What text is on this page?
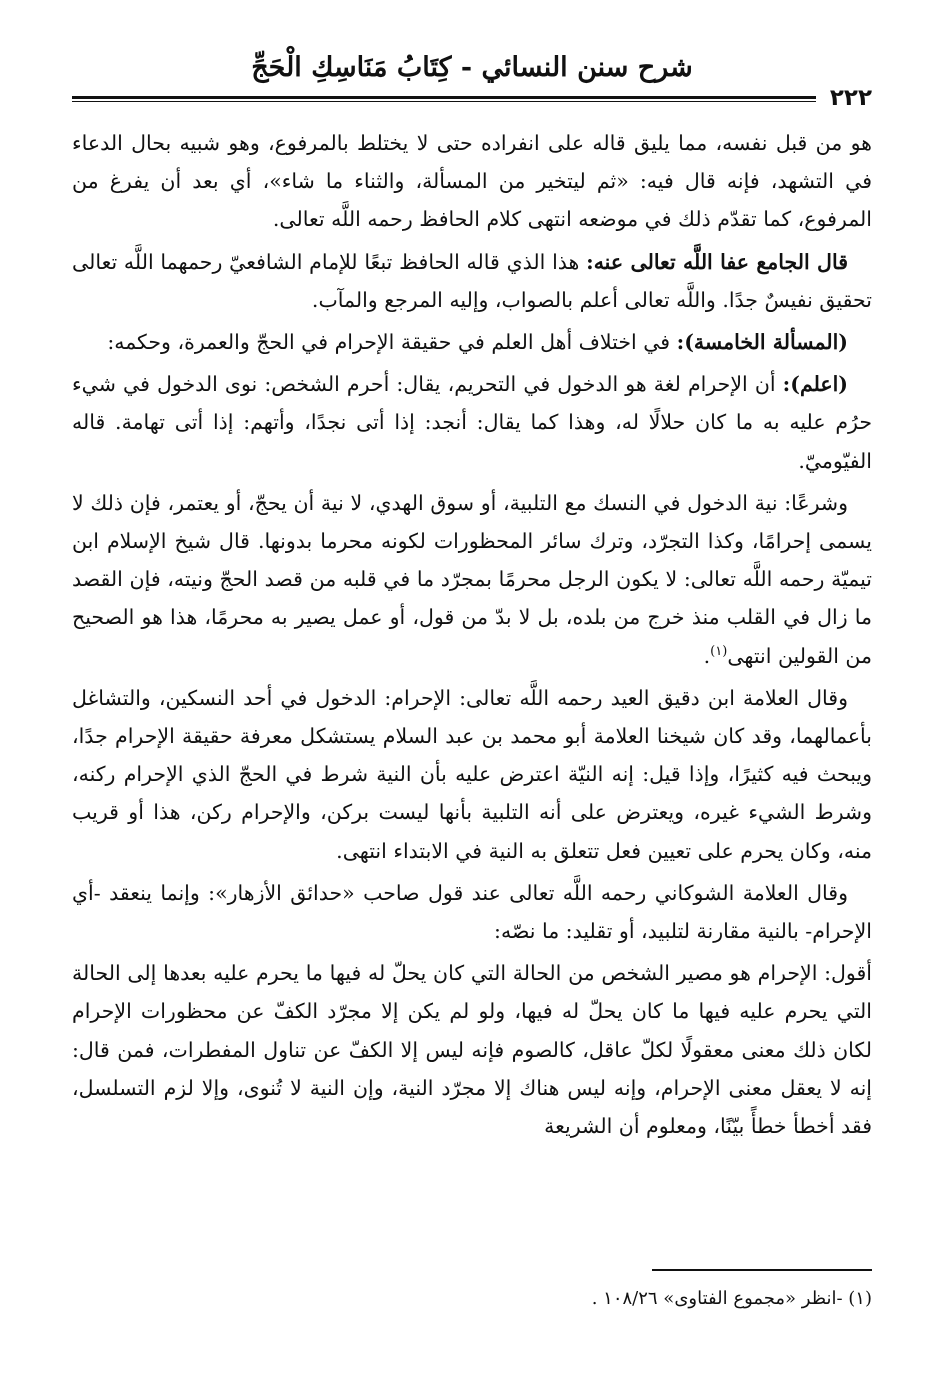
شرح سنن النسائي - كِتَابُ مَنَاسِكِ الْحَجِّ
٢٢٢

هو من قبل نفسه، مما يليق قاله على انفراده حتى لا يختلط بالمرفوع، وهو شبيه بحال الدعاء في التشهد، فإنه قال فيه: «ثم ليتخير من المسألة، والثناء ما شاء»، أي بعد أن يفرغ من المرفوع، كما تقدّم ذلك في موضعه انتهى كلام الحافظ رحمه اللَّه تعالى.

قال الجامع عفا اللَّه تعالى عنه: هذا الذي قاله الحافظ تبعًا للإمام الشافعيّ رحمهما اللَّه تعالى تحقيق نفيسٌ جدًا. واللَّه تعالى أعلم بالصواب، وإليه المرجع والمآب.

(المسألة الخامسة): في اختلاف أهل العلم في حقيقة الإحرام في الحجّ والعمرة، وحكمه:

(اعلم): أن الإحرام لغة هو الدخول في التحريم، يقال: أحرم الشخص: نوى الدخول في شيء حرُم عليه به ما كان حلالًا له، وهذا كما يقال: أنجد: إذا أتى نجدًا، وأتهم: إذا أتى تهامة. قاله الفيّوميّ.

وشرعًا: نية الدخول في النسك مع التلبية، أو سوق الهدي، لا نية أن يحجّ، أو يعتمر، فإن ذلك لا يسمى إحرامًا، وكذا التجرّد، وترك سائر المحظورات لكونه محرما بدونها. قال شيخ الإسلام ابن تيميّة رحمه اللَّه تعالى: لا يكون الرجل محرمًا بمجرّد ما في قلبه من قصد الحجّ ونيته، فإن القصد ما زال في القلب منذ خرج من بلده، بل لا بدّ من قول، أو عمل يصير به محرمًا، هذا هو الصحيح من القولين انتهى$^{(١)}$.

وقال العلامة ابن دقيق العيد رحمه اللَّه تعالى: الإحرام: الدخول في أحد النسكين، والتشاغل بأعمالهما، وقد كان شيخنا العلامة أبو محمد بن عبد السلام يستشكل معرفة حقيقة الإحرام جدًا، ويبحث فيه كثيرًا، وإذا قيل: إنه النيّة اعترض عليه بأن النية شرط في الحجّ الذي الإحرام ركنه، وشرط الشيء غيره، ويعترض على أنه التلبية بأنها ليست بركن، والإحرام ركن، هذا أو قريب منه، وكان يحرم على تعيين فعل تتعلق به النية في الابتداء انتهى.

وقال العلامة الشوكاني رحمه اللَّه تعالى عند قول صاحب «حدائق الأزهار»: وإنما ينعقد -أي الإحرام- بالنية مقارنة لتلبيد، أو تقليد: ما نصّه:

أقول: الإحرام هو مصير الشخص من الحالة التي كان يحلّ له فيها ما يحرم عليه بعدها إلى الحالة التي يحرم عليه فيها ما كان يحلّ له فيها، ولو لم يكن إلا مجرّد الكفّ عن محظورات الإحرام لكان ذلك معنى معقولًا لكلّ عاقل، كالصوم فإنه ليس إلا الكفّ عن تناول المفطرات، فمن قال: إنه لا يعقل معنى الإحرام، وإنه ليس هناك إلا مجرّد النية، وإن النية لا تُنوى، وإلا لزم التسلسل، فقد أخطأ خطأً بيّنًا، ومعلوم أن الشريعة

(١) -انظر «مجموع الفتاوى» ١٠٨/٢٦ .
